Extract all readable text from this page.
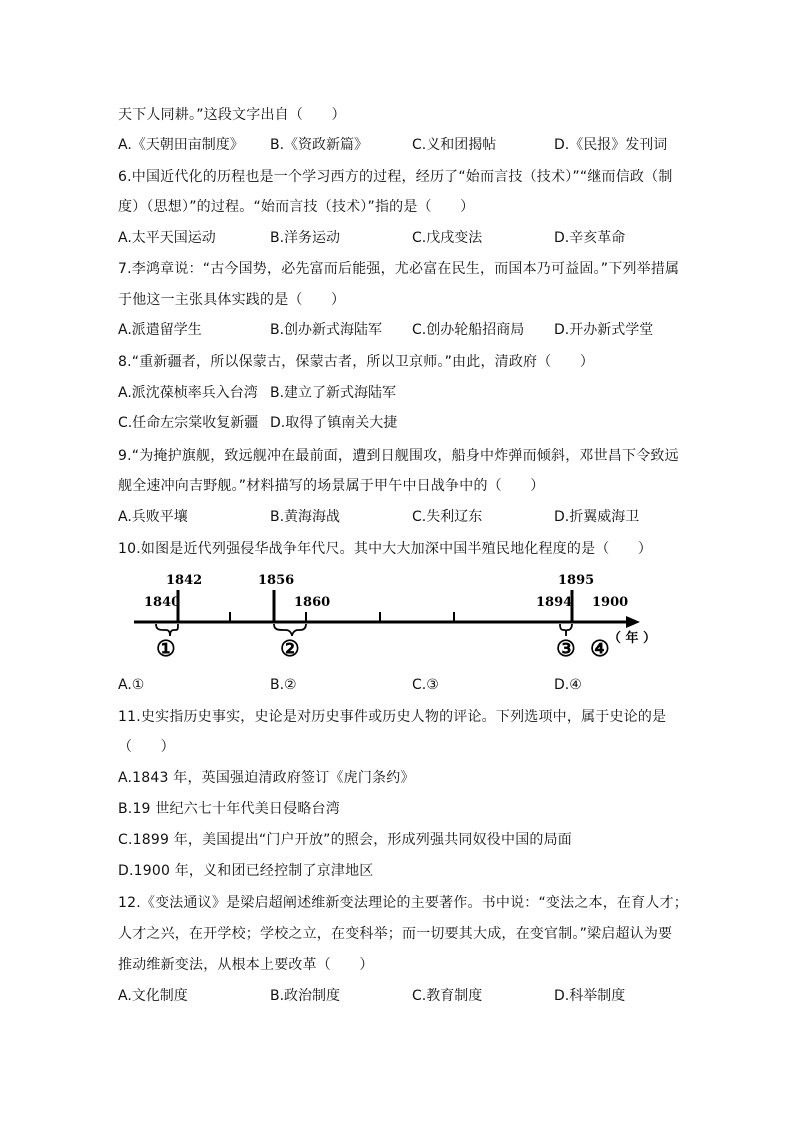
天下人同耕。”这段文字出自（　　）
A.《天朝田亩制度》 B.《资政新篇》	C.义和团揭帖	D.《民报》发刊词
6.中国近代化的历程也是一个学习西方的过程，经历了“始而言技（技术）”“继而信政（制
度）（思想）”的过程。“始而言技（技术）”指的是（　　）
A.太平天国运动	B.洋务运动	C.戊戌变法	D.辛亥革命
7.李鸿章说：“古今国势，必先富而后能强，尤必富在民生，而国本乃可益固。”下列举措属
于他这一主张具体实践的是（　　）
A.派遣留学生	B.创办新式海陆军 C.创办轮船招商局 D.开办新式学堂
8.“重新疆者，所以保蒙古，保蒙古者，所以卫京师。”由此，清政府（　　）
A.派沈葆桢率兵入台湾 B.建立了新式海陆军
C.任命左宗棠收复新疆 D.取得了镇南关大捷
9.“为掩护旗舰，致远舰冲在最前面，遭到日舰围攻，船身中炸弹而倾斜，邓世昌下令致远
舰全速冲向吉野舰。”材料描写的场景属于甲午中日战争中的（　　）
A.兵败平壤	B.黄海海战	C.失利辽东	D.折翼威海卫
10.如图是近代列强侵华战争年代尺。其中大大加深中国半殖民地化程度的是（　　）
1840
1842	1856
1860	1894
1895
1900
①	②	③ ④
（ 年 ）
A.①	B.②	C.③	D.④
11.史实指历史事实，史论是对历史事件或历史人物的评论。下列选项中，属于史论的是
（　　）
A.1843 年，英国强迫清政府签订《虎门条约》
B.19 世纪六七十年代美日侵略台湾
C.1899 年，美国提出“门户开放”的照会，形成列强共同奴役中国的局面
D.1900 年，义和团已经控制了京津地区
12.《变法通议》是梁启超阐述维新变法理论的主要著作。书中说：“变法之本，在育人才；
人才之兴，在开学校；学校之立，在变科举；而一切要其大成，在变官制。”梁启超认为要
推动维新变法，从根本上要改革（　　）
A.文化制度	B.政治制度	C.教育制度	D.科举制度
